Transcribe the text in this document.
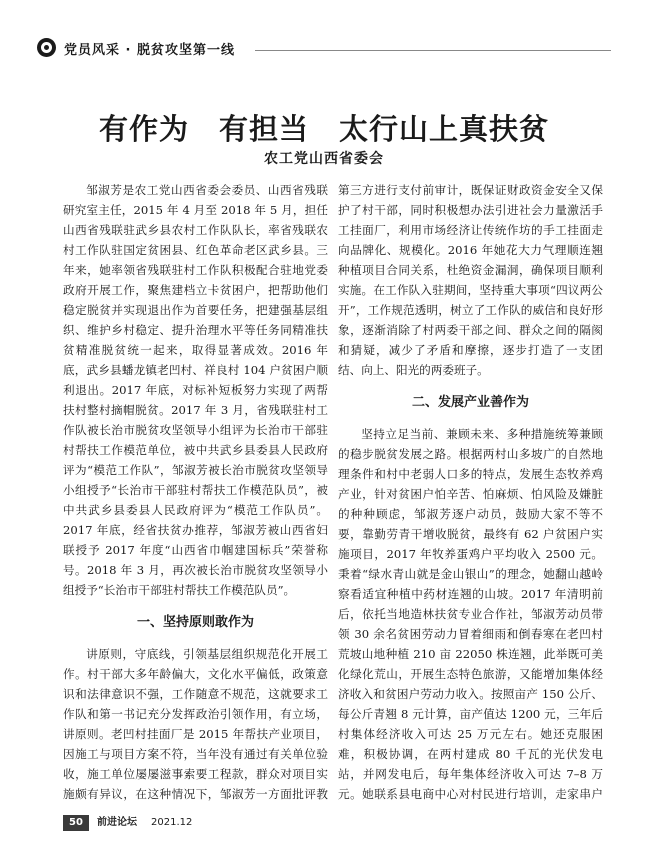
党员风采 · 脱贫攻坚第一线
有作为　有担当　太行山上真扶贫
农工党山西省委会

邹淑芳是农工党山西省委会委员、山西省残联研究室主任，2015 年 4 月至 2018 年 5 月，担任山西省残联驻武乡县农村工作队队长，率省残联农村工作队驻国定贫困县、红色革命老区武乡县。三年来，她率领省残联驻村工作队积极配合驻地党委政府开展工作，聚焦建档立卡贫困户，把帮助他们稳定脱贫并实现退出作为首要任务，把建强基层组织、维护乡村稳定、提升治理水平等任务同精准扶贫精准脱贫统一起来，取得显著成效。2016 年底，武乡县蟠龙镇老凹村、祥良村 104 户贫困户顺利退出。2017 年底，对标补短板努力实现了两帮扶村整村摘帽脱贫。2017 年 3 月，省残联驻村工作队被长治市脱贫攻坚领导小组评为长治市干部驻村帮扶工作模范单位，被中共武乡县委县人民政府评为“模范工作队”，邹淑芳被长治市脱贫攻坚领导小组授予“长治市干部驻村帮扶工作模范队员”，被中共武乡县委县人民政府评为“模范工作队员”。2017 年底，经省扶贫办推荐，邹淑芳被山西省妇联授予 2017 年度“山西省巾帼建国标兵”荣誉称号。2018 年 3 月，再次被长治市脱贫攻坚领导小组授予“长治市干部驻村帮扶工作模范队员”。

一、坚持原则敢作为

讲原则，守底线，引领基层组织规范化开展工作。村干部大多年龄偏大，文化水平偏低，政策意识和法律意识不强，工作随意不规范，这就要求工作队和第一书记充分发挥政治引领作用，有立场，讲原则。老凹村挂面厂是 2015 年帮扶产业项目，因施工与项目方案不符，当年没有通过有关单位验收，施工单位屡屡滋事索要工程款，群众对项目实施颇有异议，在这种情况下，邹淑芳一方面批评教

第三方进行支付前审计，既保证财政资金安全又保护了村干部，同时积极想办法引进社会力量激活手工挂面厂，利用市场经济让传统作坊的手工挂面走向品牌化、规模化。2016 年她花大力气理顺连翘种植项目合同关系，杜绝资金漏洞，确保项目顺利实施。在工作队入驻期间，坚持重大事项“四议两公开”，工作规范透明，树立了工作队的威信和良好形象，逐渐消除了村两委干部之间、群众之间的隔阂和猜疑，减少了矛盾和摩擦，逐步打造了一支团结、向上、阳光的两委班子。

二、发展产业善作为

坚持立足当前、兼顾未来、多种措施统筹兼顾的稳步脱贫发展之路。根据两村山多坡广的自然地理条件和村中老弱人口多的特点，发展生态牧养鸡产业，针对贫困户怕辛苦、怕麻烦、怕风险及嫌脏的种种顾虑，邹淑芳逐户动员，鼓励大家不等不要，靠勤劳青干增收脱贫，最终有 62 户贫困户实施项目，2017 年牧养蛋鸡户平均收入 2500 元。秉着“绿水青山就是金山银山”的理念，她翻山越岭察看适宜种植中药材连翘的山坡。2017 年清明前后，依托当地造林扶贫专业合作社，邹淑芳动员带领 30 余名贫困劳动力冒着细雨和倒春寒在老凹村荒坡山地种植 210 亩 22050 株连翘，此举既可美化绿化荒山，开展生态特色旅游，又能增加集体经济收入和贫困户劳动力收入。按照亩产 150 公斤、每公斤青翘 8 元计算，亩产值达 1200 元，三年后村集体经济收入可达 25 万元左右。她还克服困难，积极协调，在两村建成 80 千瓦的光伏发电站，并网发电后，每年集体经济收入可达 7–8 万元。她联系县电商中心对村民进行培训，走家串户

50	前进论坛 2021.12
